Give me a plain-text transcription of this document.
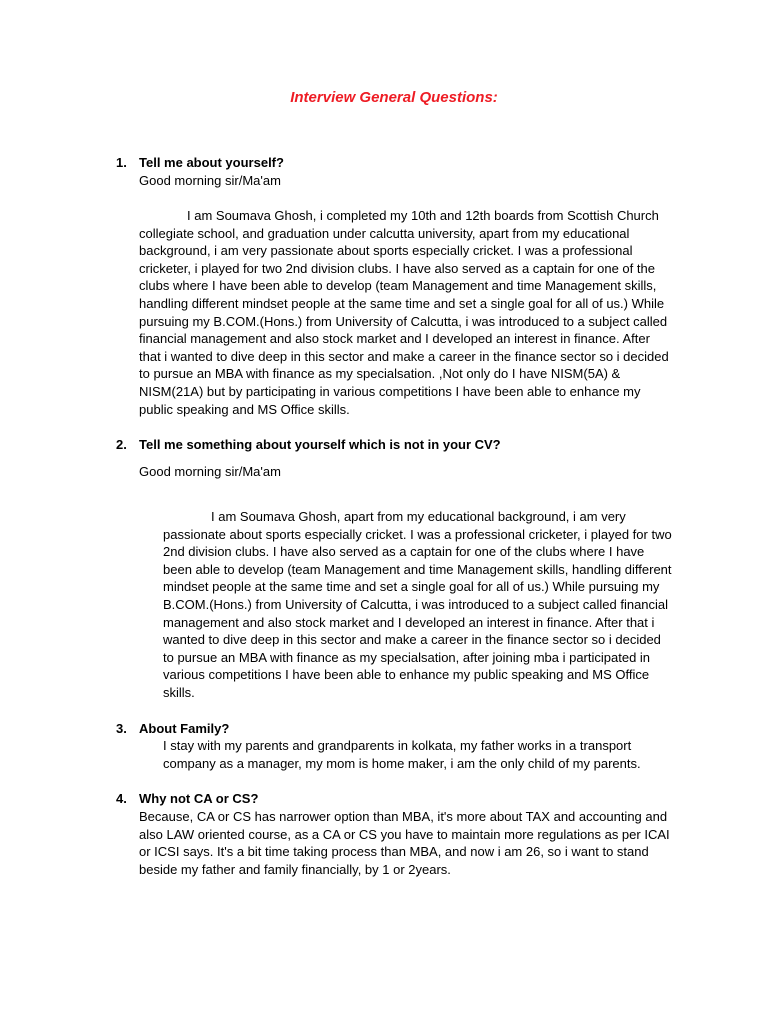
Interview General Questions:
1. Tell me about yourself?
Good morning sir/Ma'am
I am Soumava Ghosh, i completed my 10th and 12th boards from Scottish Church collegiate school, and graduation under calcutta university, apart from my educational background, i am very passionate about sports especially cricket. I was a professional cricketer, i played for two 2nd division clubs. I have also served as a captain for one of the clubs where I have been able to develop (team Management and time Management skills, handling different mindset people at the same time and set a single goal for all of us.) While pursuing my B.COM.(Hons.) from University of Calcutta, i was introduced to a subject called financial management and also stock market and I developed an interest in finance. After that i wanted to dive deep in this sector and make a career in the finance sector so i decided to pursue an MBA with finance as my specialsation. ,Not only do I have NISM(5A) & NISM(21A) but by participating in various competitions I have been able to enhance my public speaking and MS Office skills.
2. Tell me something about yourself which is not in your CV?
Good morning sir/Ma'am
I am Soumava Ghosh, apart from my educational background, i am very passionate about sports especially cricket. I was a professional cricketer, i played for two 2nd division clubs. I have also served as a captain for one of the clubs where I have been able to develop (team Management and time Management skills, handling different mindset people at the same time and set a single goal for all of us.) While pursuing my B.COM.(Hons.) from University of Calcutta, i was introduced to a subject called financial management and also stock market and I developed an interest in finance. After that i wanted to dive deep in this sector and make a career in the finance sector so i decided to pursue an MBA with finance as my specialsation, after joining mba i participated in various competitions I have been able to enhance my public speaking and MS Office skills.
3. About Family?
I stay with my parents and grandparents in kolkata, my father works in a transport company as a manager, my mom is home maker, i am the only child of my parents.
4. Why not CA or CS?
Because, CA or CS has narrower option than MBA, it's more about TAX and accounting and also LAW oriented course, as a CA or CS you have to maintain more regulations as per ICAI or ICSI says. It's a bit time taking process than MBA, and now i am 26, so i want to stand beside my father and family financially, by 1 or 2years.
